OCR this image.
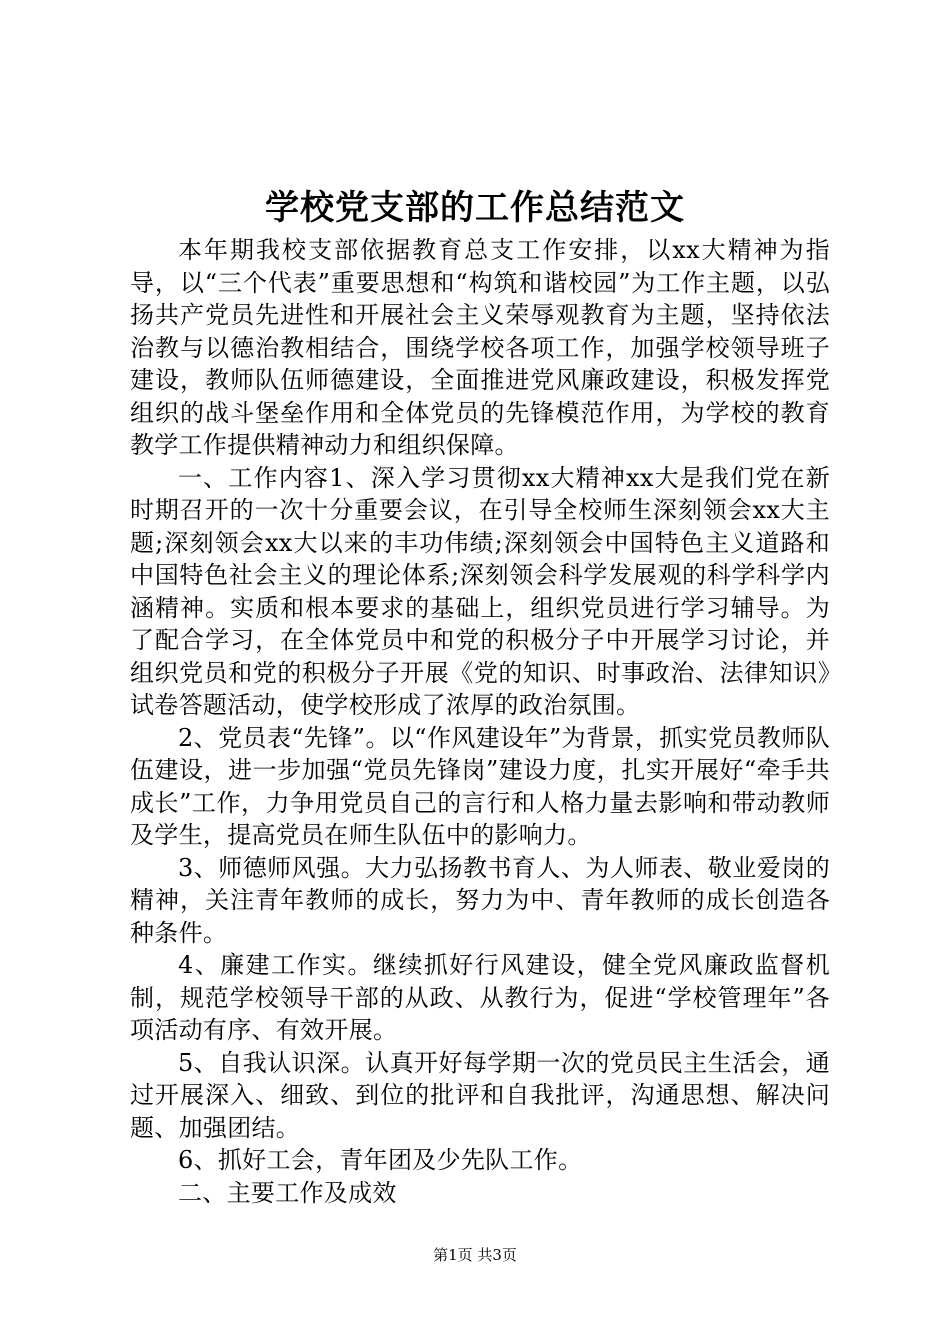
学校党支部的工作总结范文

本年期我校支部依据教育总支工作安排，以xx大精神为指导，以“三个代表”重要思想和“构筑和谐校园”为工作主题，以弘扬共产党员先进性和开展社会主义荣辱观教育为主题，坚持依法治教与以德治教相结合，围绕学校各项工作，加强学校领导班子建设，教师队伍师德建设，全面推进党风廉政建设，积极发挥党组织的战斗堡垒作用和全体党员的先锋模范作用，为学校的教育教学工作提供精神动力和组织保障。

一、工作内容1、深入学习贯彻xx大精神xx大是我们党在新时期召开的一次十分重要会议，在引导全校师生深刻领会xx大主题;深刻领会xx大以来的丰功伟绩;深刻领会中国特色主义道路和中国特色社会主义的理论体系;深刻领会科学发展观的科学科学内涵精神。实质和根本要求的基础上，组织党员进行学习辅导。为了配合学习，在全体党员中和党的积极分子中开展学习讨论，并组织党员和党的积极分子开展《党的知识、时事政治、法律知识》试卷答题活动，使学校形成了浓厚的政治氛围。

2、党员表“先锋”。以“作风建设年”为背景，抓实党员教师队伍建设，进一步加强“党员先锋岗”建设力度，扎实开展好“牵手共成长”工作，力争用党员自己的言行和人格力量去影响和带动教师及学生，提高党员在师生队伍中的影响力。

3、师德师风强。大力弘扬教书育人、为人师表、敬业爱岗的精神，关注青年教师的成长，努力为中、青年教师的成长创造各种条件。

4、廉建工作实。继续抓好行风建设，健全党风廉政监督机制，规范学校领导干部的从政、从教行为，促进“学校管理年”各项活动有序、有效开展。

5、自我认识深。认真开好每学期一次的党员民主生活会，通过开展深入、细致、到位的批评和自我批评，沟通思想、解决问题、加强团结。

6、抓好工会，青年团及少先队工作。

二、主要工作及成效

第1页 共3页
